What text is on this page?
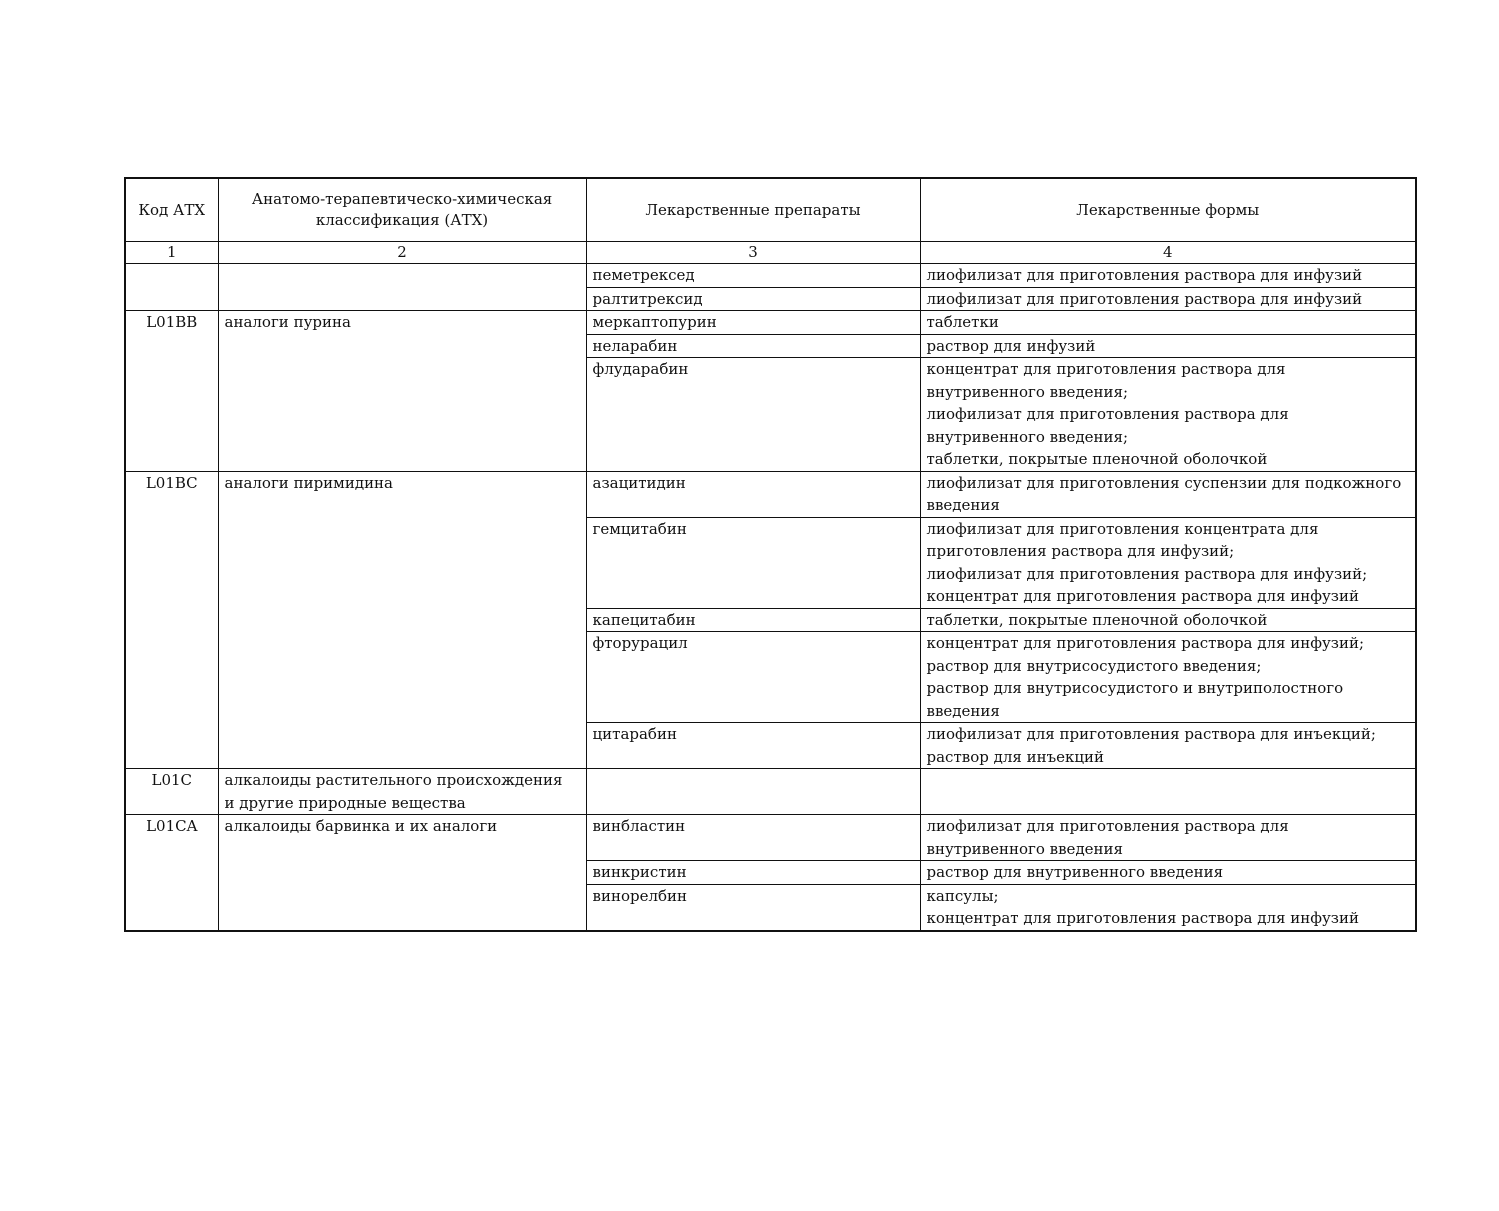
Код АТХ	Анатомо-терапевтическо-химическая классификация (АТХ)	Лекарственные препараты	Лекарственные формы
1	2	3	4
		пеметрексед	лиофилизат для приготовления раствора для инфузий
		ралтитрексид	лиофилизат для приготовления раствора для инфузий
L01BB	аналоги пурина	меркаптопурин	таблетки
		неларабин	раствор для инфузий
		флударабин	концентрат для приготовления раствора для
внутривенного введения;
лиофилизат для приготовления раствора для
внутривенного введения;
таблетки, покрытые пленочной оболочкой
L01BC	аналоги пиримидина	азацитидин	лиофилизат для приготовления суспензии для подкожного
введения
		гемцитабин	лиофилизат для приготовления концентрата для
приготовления раствора для инфузий;
лиофилизат для приготовления раствора для инфузий;
концентрат для приготовления раствора для инфузий
		капецитабин	таблетки, покрытые пленочной оболочкой
		фторурацил	концентрат для приготовления раствора для инфузий;
раствор для внутрисосудистого введения;
раствор для внутрисосудистого и внутриполостного
введения
		цитарабин	лиофилизат для приготовления раствора для инъекций;
раствор для инъекций
L01C	алкалоиды растительного происхождения
и другие природные вещества		
L01CA	алкалоиды барвинка и их аналоги	винбластин	лиофилизат для приготовления раствора для
внутривенного введения
		винкристин	раствор для внутривенного введения
		винорелбин	капсулы;
концентрат для приготовления раствора для инфузий
